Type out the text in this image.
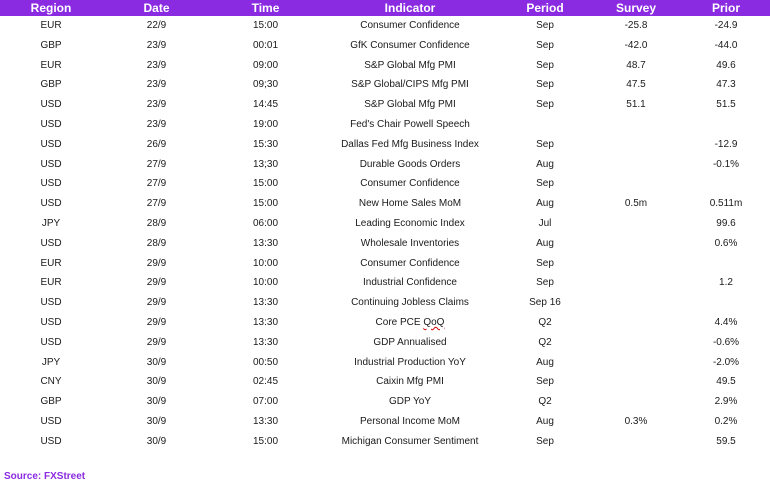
Region	Date	Time	Indicator	Period	Survey	Prior
EUR	22/9	15:00	Consumer Confidence	Sep	-25.8	-24.9
GBP	23/9	00:01	GfK Consumer Confidence	Sep	-42.0	-44.0
EUR	23/9	09:00	S&P Global Mfg PMI	Sep	48.7	49.6
GBP	23/9	09;30	S&P Global/CIPS Mfg PMI	Sep	47.5	47.3
USD	23/9	14:45	S&P Global Mfg PMI	Sep	51.1	51.5
USD	23/9	19:00	Fed's Chair Powell Speech			
USD	26/9	15:30	Dallas Fed Mfg Business Index	Sep		-12.9
USD	27/9	13;30	Durable Goods Orders	Aug		-0.1%
USD	27/9	15:00	Consumer Confidence	Sep		
USD	27/9	15:00	New Home Sales MoM	Aug	0.5m	0.511m
JPY	28/9	06:00	Leading Economic Index	Jul		99.6
USD	28/9	13:30	Wholesale Inventories	Aug		0.6%
EUR	29/9	10:00	Consumer Confidence	Sep		
EUR	29/9	10:00	Industrial Confidence	Sep		1.2
USD	29/9	13:30	Continuing Jobless Claims	Sep 16		
USD	29/9	13:30	Core PCE QoQ	Q2		4.4%
USD	29/9	13:30	GDP Annualised	Q2		-0.6%
JPY	30/9	00:50	Industrial Production YoY	Aug		-2.0%
CNY	30/9	02:45	Caixin Mfg PMI	Sep		49.5
GBP	30/9	07:00	GDP YoY	Q2		2.9%
USD	30/9	13:30	Personal Income MoM	Aug	0.3%	0.2%
USD	30/9	15:00	Michigan Consumer Sentiment	Sep		59.5
Source: FXStreet
